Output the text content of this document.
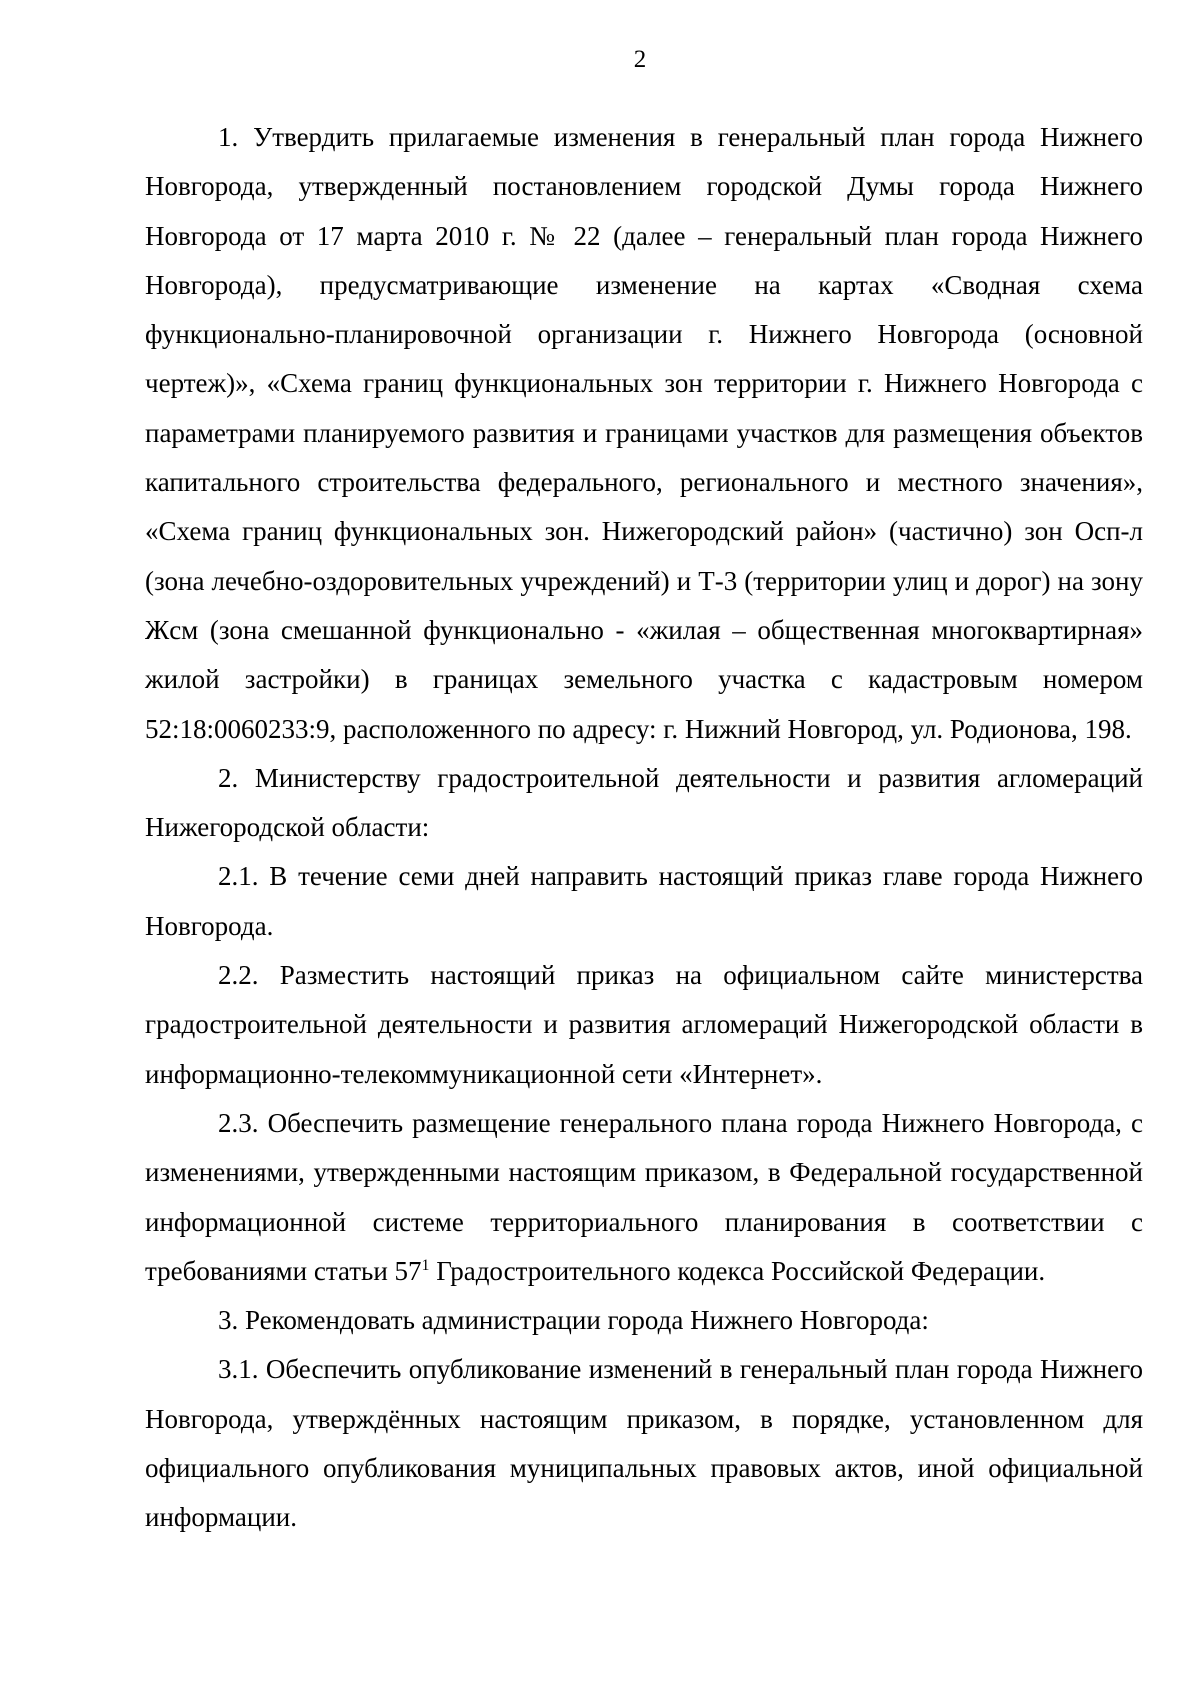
2

1. Утвердить прилагаемые изменения в генеральный план города Нижнего Новгорода, утвержденный постановлением городской Думы города Нижнего Новгорода от 17 марта 2010 г. № 22 (далее – генеральный план города Нижнего Новгорода), предусматривающие изменение на картах «Сводная схема функционально-планировочной организации г. Нижнего Новгорода (основной чертеж)», «Схема границ функциональных зон территории г. Нижнего Новгорода с параметрами планируемого развития и границами участков для размещения объектов капитального строительства федерального, регионального и местного значения», «Схема границ функциональных зон. Нижегородский район» (частично) зон Осп-л (зона лечебно-оздоровительных учреждений) и Т-3 (территории улиц и дорог) на зону Жсм (зона смешанной функционально - «жилая – общественная многоквартирная» жилой застройки) в границах земельного участка с кадастровым номером 52:18:0060233:9, расположенного по адресу: г. Нижний Новгород, ул. Родионова, 198.

2. Министерству градостроительной деятельности и развития агломераций Нижегородской области:

2.1. В течение семи дней направить настоящий приказ главе города Нижнего Новгорода.

2.2. Разместить настоящий приказ на официальном сайте министерства градостроительной деятельности и развития агломераций Нижегородской области в информационно-телекоммуникационной сети «Интернет».

2.3. Обеспечить размещение генерального плана города Нижнего Новгорода, с изменениями, утвержденными настоящим приказом, в Федеральной государственной информационной системе территориального планирования в соответствии с требованиями статьи $57^1$ Градостроительного кодекса Российской Федерации.

3. Рекомендовать администрации города Нижнего Новгорода:

3.1. Обеспечить опубликование изменений в генеральный план города Нижнего Новгорода, утверждённых настоящим приказом, в порядке, установленном для официального опубликования муниципальных правовых актов, иной официальной информации.
